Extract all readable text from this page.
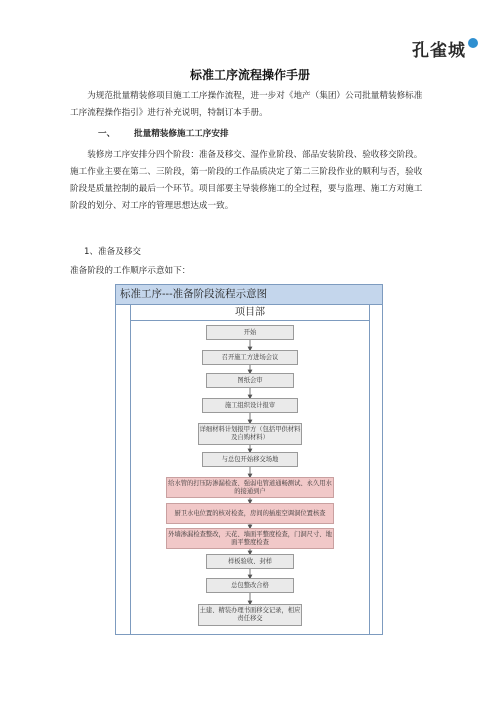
孔雀城
标准工序流程操作手册

为规范批量精装修项目施工工序操作流程，进一步对《地产（集团）公司批量精装修标准工序流程操作指引》进行补充说明，特制订本手册。

一、 批量精装修施工工序安排

装修房工序安排分四个阶段：准备及移交、湿作业阶段、部品安装阶段、验收移交阶段。施工作业主要在第二、三阶段，第一阶段的工作品质决定了第二三阶段作业的顺利与否，验收阶段是质量控制的最后一个环节。项目部要主导装修施工的全过程，要与监理、施工方对施工阶段的划分、对工序的管理思想达成一致。

1、准备及移交
准备阶段的工作顺序示意如下：
标准工序---准备阶段流程示意图
项目部
开始
召开施工方进场会议
图纸会审
施工组织设计报审
详细材料计划报甲方（包括甲供材料及自购材料）
与总包开始移交场地
给水管的打压防渗漏检查、强弱电管道通畅测试、永久用水的接通到户
厨卫水电位置的核对检查，房间的插座空调洞位置核查
外墙渗漏检查整改，天花、墙面平整度检查，门洞尺寸、地面平整度检查
样板验收、封样
总包整改合格
土建、精装办理书面移交记录，相应责任移交
